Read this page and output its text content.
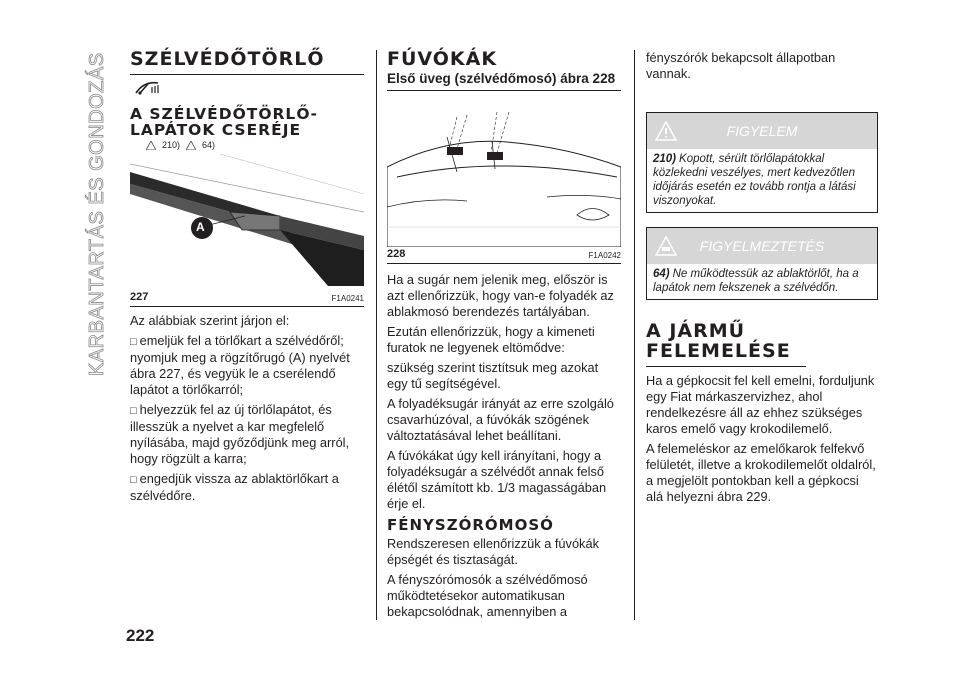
KARBANTARTÁS ÉS GONDOZÁS SZÉLVÉDŐTÖRLŐ
A SZÉLVÉDŐTÖRLŐ-LAPÁTOK CSERÉJE
210) 64)
A
227	F1A0241

Az alábbiak szerint járjon el:

□ emeljük fel a törlőkart a szélvédőről; nyomjuk meg a rögzítőrugó (A) nyelvét ábra 227, és vegyük le a cserélendő lapátot a törlőkarról;

□ helyezzük fel az új törlőlapátot, és illesszük a nyelvet a kar megfelelő nyílásába, majd győződjünk meg arról, hogy rögzült a karra;

□ engedjük vissza az ablaktörlőkart a szélvédőre.

FÚVÓKÁK
Első üveg (szélvédőmosó) ábra 228
228	F1A0242

Ha a sugár nem jelenik meg, először is azt ellenőrizzük, hogy van-e folyadék az ablakmosó berendezés tartályában.

Ezután ellenőrizzük, hogy a kimeneti furatok ne legyenek eltömődve:

szükség szerint tisztítsuk meg azokat egy tű segítségével.

A folyadéksugár irányát az erre szolgáló csavarhúzóval, a fúvókák szögének változtatásával lehet beállítani.

A fúvókákat úgy kell irányítani, hogy a folyadéksugár a szélvédőt annak felső élétől számított kb. 1/3 magasságában érje el.

FÉNYSZÓRÓMOSÓ

Rendszeresen ellenőrizzük a fúvókák épségét és tisztaságát.

A fényszórómosók a szélvédőmosó működtetésekor automatikusan bekapcsolódnak, amennyiben a

fényszórók bekapcsolt állapotban vannak.

FIGYELEM
210) Kopott, sérült törlőlapátokkal közlekedni veszélyes, mert kedvezőtlen időjárás esetén ez tovább rontja a látási viszonyokat.
FIGYELMEZTETÉS
64) Ne működtessük az ablaktörlőt, ha a lapátok nem fekszenek a szélvédőn.
A JÁRMŰ FELEMELÉSE

Ha a gépkocsit fel kell emelni, forduljunk egy Fiat márkaszervizhez, ahol rendelkezésre áll az ehhez szükséges karos emelő vagy krokodilemelő.

A felemeléskor az emelőkarok felfekvő felületét, illetve a krokodilemelőt oldalról, a megjelölt pontokban kell a gépkocsi alá helyezni ábra 229.

222
